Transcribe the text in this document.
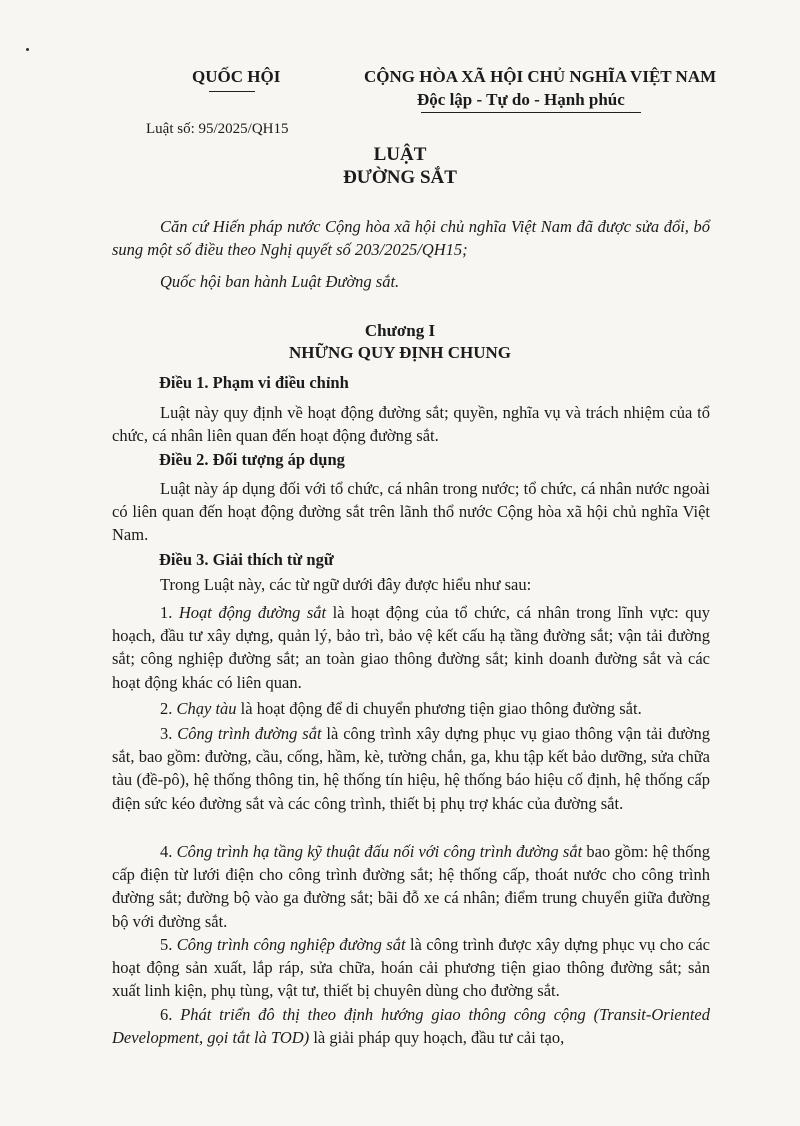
QUỐC HỘI	CỘNG HÒA XÃ HỘI CHỦ NGHĨA VIỆT NAM
Độc lập - Tự do - Hạnh phúc
Luật số: 95/2025/QH15
LUẬT
ĐƯỜNG SẮT
Căn cứ Hiến pháp nước Cộng hòa xã hội chủ nghĩa Việt Nam đã được sửa đổi, bổ sung một số điều theo Nghị quyết số 203/2025/QH15;
Quốc hội ban hành Luật Đường sắt.
Chương I
NHỮNG QUY ĐỊNH CHUNG
Điều 1. Phạm vi điều chỉnh
Luật này quy định về hoạt động đường sắt; quyền, nghĩa vụ và trách nhiệm của tổ chức, cá nhân liên quan đến hoạt động đường sắt.
Điều 2. Đối tượng áp dụng
Luật này áp dụng đối với tổ chức, cá nhân trong nước; tổ chức, cá nhân nước ngoài có liên quan đến hoạt động đường sắt trên lãnh thổ nước Cộng hòa xã hội chủ nghĩa Việt Nam.
Điều 3. Giải thích từ ngữ
Trong Luật này, các từ ngữ dưới đây được hiểu như sau:
1. Hoạt động đường sắt là hoạt động của tổ chức, cá nhân trong lĩnh vực: quy hoạch, đầu tư xây dựng, quản lý, bảo trì, bảo vệ kết cấu hạ tầng đường sắt; vận tải đường sắt; công nghiệp đường sắt; an toàn giao thông đường sắt; kinh doanh đường sắt và các hoạt động khác có liên quan.
2. Chạy tàu là hoạt động để di chuyển phương tiện giao thông đường sắt.
3. Công trình đường sắt là công trình xây dựng phục vụ giao thông vận tải đường sắt, bao gồm: đường, cầu, cống, hầm, kè, tường chắn, ga, khu tập kết bảo dưỡng, sửa chữa tàu (đề-pô), hệ thống thông tin, hệ thống tín hiệu, hệ thống báo hiệu cố định, hệ thống cấp điện sức kéo đường sắt và các công trình, thiết bị phụ trợ khác của đường sắt.
4. Công trình hạ tầng kỹ thuật đấu nối với công trình đường sắt bao gồm: hệ thống cấp điện từ lưới điện cho công trình đường sắt; hệ thống cấp, thoát nước cho công trình đường sắt; đường bộ vào ga đường sắt; bãi đỗ xe cá nhân; điểm trung chuyển giữa đường bộ với đường sắt.
5. Công trình công nghiệp đường sắt là công trình được xây dựng phục vụ cho các hoạt động sản xuất, lắp ráp, sửa chữa, hoán cải phương tiện giao thông đường sắt; sản xuất linh kiện, phụ tùng, vật tư, thiết bị chuyên dùng cho đường sắt.
6. Phát triển đô thị theo định hướng giao thông công cộng (Transit-Oriented Development, gọi tắt là TOD) là giải pháp quy hoạch, đầu tư cải tạo,
